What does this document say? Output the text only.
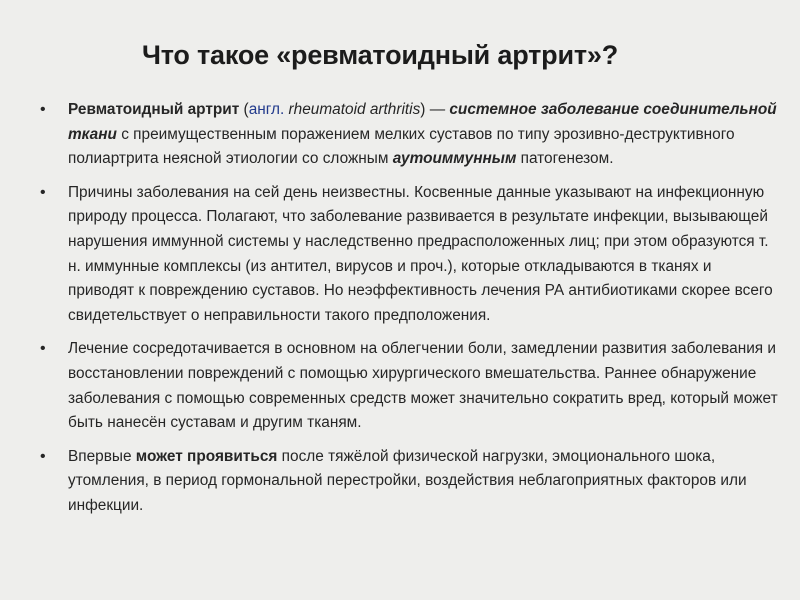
Что такое «ревматоидный артрит»?
•	Ревматоидный артрит (англ. rheumatoid arthritis) — системное заболевание соединительной ткани с преимущественным поражением мелких суставов по типу эрозивно-деструктивного полиартрита неясной этиологии со сложным аутоиммунным патогенезом.
•	Причины заболевания на сей день неизвестны. Косвенные данные указывают на инфекционную природу процесса. Полагают, что заболевание развивается в результате инфекции, вызывающей нарушения иммунной системы у наследственно предрасположенных лиц; при этом образуются т. н. иммунные комплексы (из антител, вирусов и проч.), которые откладываются в тканях и приводят к повреждению суставов. Но неэффективность лечения РА антибиотиками скорее всего свидетельствует о неправильности такого предположения.
•	Лечение сосредотачивается в основном на облегчении боли, замедлении развития заболевания и восстановлении повреждений с помощью хирургического вмешательства. Раннее обнаружение заболевания с помощью современных средств может значительно сократить вред, который может быть нанесён суставам и другим тканям.
•	Впервые может проявиться после тяжёлой физической нагрузки, эмоционального шока, утомления, в период гормональной перестройки, воздействия неблагоприятных факторов или инфекции.
